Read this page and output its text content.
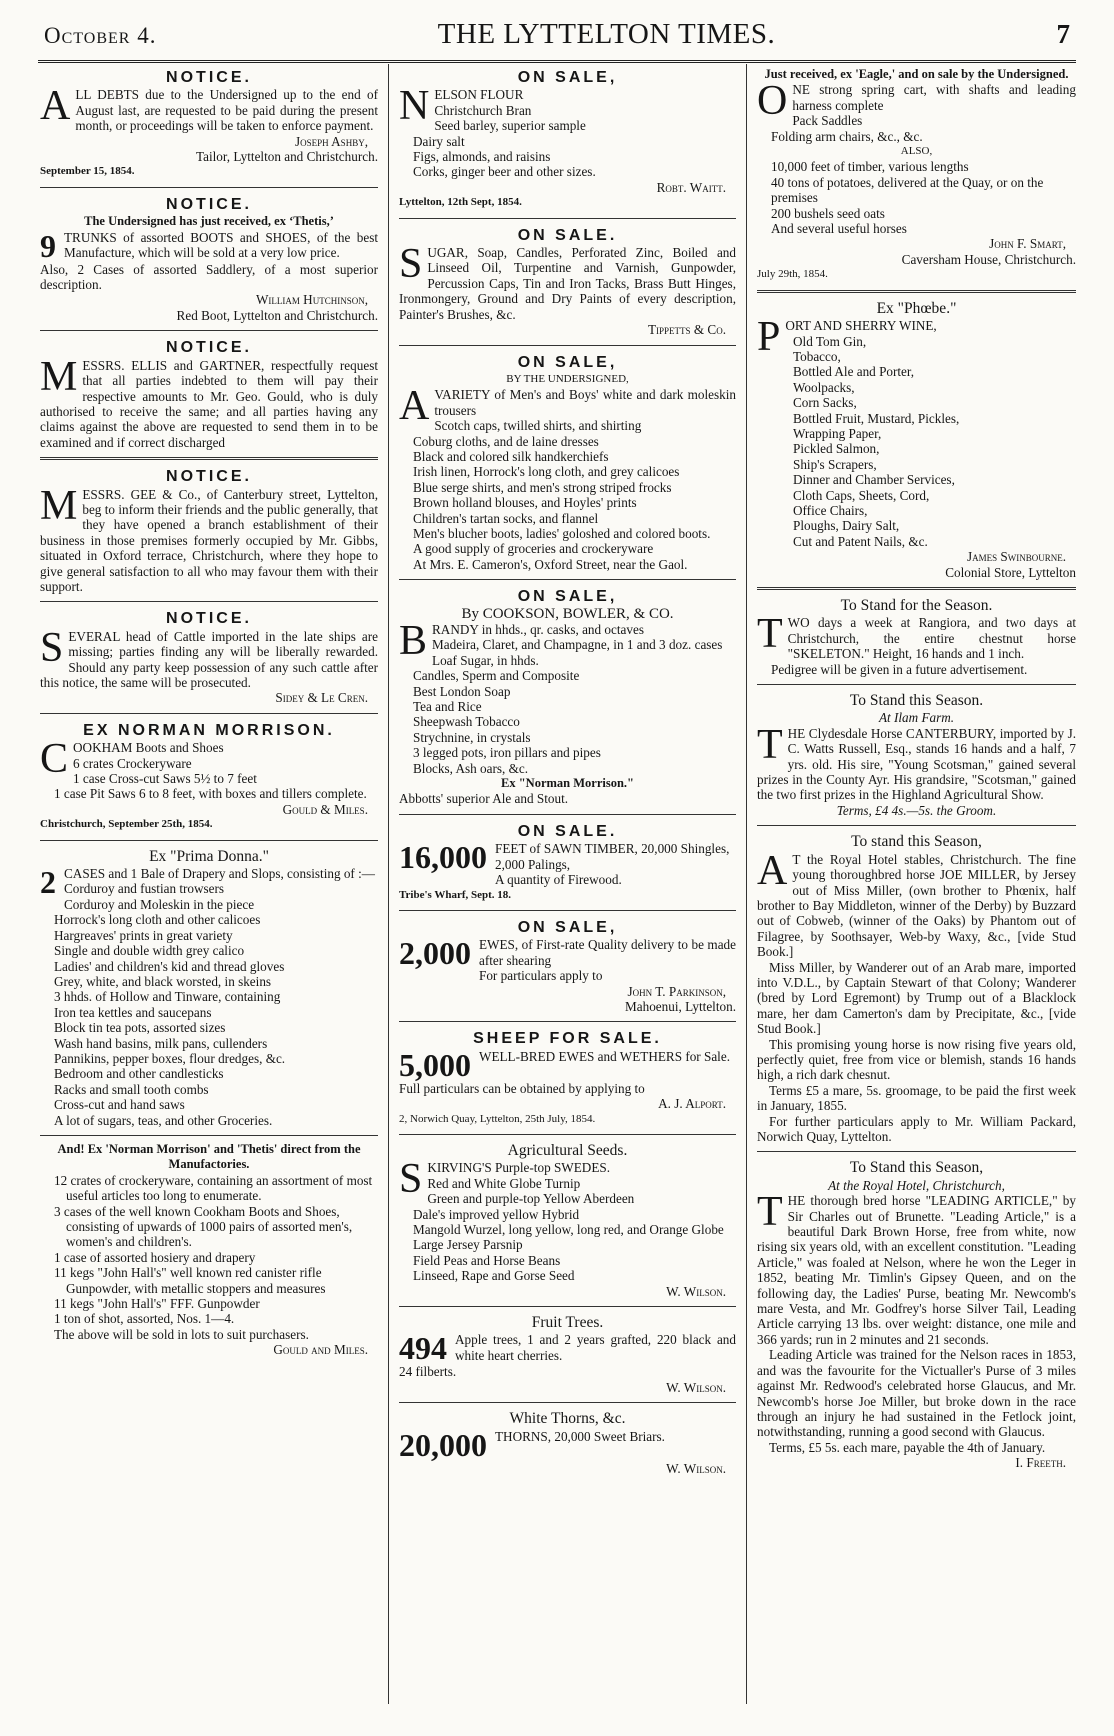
October 4.	THE LYTTELTON TIMES.	7
NOTICE.
ALL DEBTS due to the Undersigned up to the end of August last, are requested to be paid during the present month, or proceedings will be taken to enforce payment.
Joseph Ashby,
Tailor, Lyttelton and Christchurch.
September 15, 1854.
NOTICE.
The Undersigned has just received, ex ‘Thetis,’
9 TRUNKS of assorted BOOTS and SHOES, of the best Manufacture, which will be sold at a very low price.
Also, 2 Cases of assorted Saddlery, of a most superior description.
William Hutchinson,
Red Boot, Lyttelton and Christchurch.
NOTICE.
MESSRS. ELLIS and GARTNER, respectfully request that all parties indebted to them will pay their respective amounts to Mr. Geo. Gould, who is duly authorised to receive the same; and all parties having any claims against the above are requested to send them in to be examined and if correct discharged
NOTICE.
MESSRS. GEE & Co., of Canterbury street, Lyttelton, beg to inform their friends and the public generally, that they have opened a branch establishment of their business in those premises formerly occupied by Mr. Gibbs, situated in Oxford terrace, Christchurch, where they hope to give general satisfaction to all who may favour them with their support.
NOTICE.
SEVERAL head of Cattle imported in the late ships are missing; parties finding any will be liberally rewarded. Should any party keep possession of any such cattle after this notice, the same will be prosecuted.
Sidey & Le Cren.
EX NORMAN MORRISON.
COOKHAM Boots and Shoes
6 crates Crockeryware
1 case Cross-cut Saws 5½ to 7 feet
1 case Pit Saws 6 to 8 feet, with boxes and tillers complete.
Gould & Miles.
Christchurch, September 25th, 1854.
Ex "Prima Donna."
2 CASES and 1 Bale of Drapery and Slops, consisting of :—
Corduroy and fustian trowsers
Corduroy and Moleskin in the piece
Horrock's long cloth and other calicoes
Hargreaves' prints in great variety
Single and double width grey calico
Ladies' and children's kid and thread gloves
Grey, white, and black worsted, in skeins
3 hhds. of Hollow and Tinware, containing
Iron tea kettles and saucepans
Block tin tea pots, assorted sizes
Wash hand basins, milk pans, cullenders
Pannikins, pepper boxes, flour dredges, &c.
Bedroom and other candlesticks
Racks and small tooth combs
Cross-cut and hand saws
A lot of sugars, teas, and other Groceries.
And! Ex 'Norman Morrison' and 'Thetis' direct from the Manufactories.
12 crates of crockeryware, containing an assortment of most useful articles too long to enumerate.
3 cases of the well known Cookham Boots and Shoes, consisting of upwards of 1000 pairs of assorted men's, women's and children's.
1 case of assorted hosiery and drapery
11 kegs "John Hall's" well known red canister rifle Gunpowder, with metallic stoppers and measures
11 kegs "John Hall's" FFF. Gunpowder
1 ton of shot, assorted, Nos. 1—4.
The above will be sold in lots to suit purchasers.
Gould and Miles.
ON SALE,
NELSON FLOUR
Christchurch Bran
Seed barley, superior sample
Dairy salt
Figs, almonds, and raisins
Corks, ginger beer and other sizes.
Robt. Waitt.
Lyttelton, 12th Sept, 1854.
ON SALE.
SUGAR, Soap, Candles, Perforated Zinc, Boiled and Linseed Oil, Turpentine and Varnish, Gunpowder, Percussion Caps, Tin and Iron Tacks, Brass Butt Hinges, Ironmongery, Ground and Dry Paints of every description, Painter's Brushes, &c.
Tippetts & Co.
ON SALE,
BY THE UNDERSIGNED,
AVARIETY of Men's and Boys' white and dark moleskin trousers
Scotch caps, twilled shirts, and shirting
Coburg cloths, and de laine dresses
Black and colored silk handkerchiefs
Irish linen, Horrock's long cloth, and grey calicoes
Blue serge shirts, and men's strong striped frocks
Brown holland blouses, and Hoyles' prints
Children's tartan socks, and flannel
Men's blucher boots, ladies' goloshed and colored boots.
A good supply of groceries and crockeryware
At Mrs. E. Cameron's, Oxford Street, near the Gaol.
ON SALE,
By COOKSON, BOWLER, & CO.
BRANDY in hhds., qr. casks, and octaves
Madeira, Claret, and Champagne, in 1 and 3 doz. cases
Loaf Sugar, in hhds.
Candles, Sperm and Composite
Best London Soap
Tea and Rice
Sheepwash Tobacco
Strychnine, in crystals
3 legged pots, iron pillars and pipes
Blocks, Ash oars, &c.
Ex "Norman Morrison."
Abbotts' superior Ale and Stout.
ON SALE.
16,000 FEET of SAWN TIMBER, 20,000 Shingles,
2,000 Palings,
A quantity of Firewood.
Tribe's Wharf, Sept. 18.
ON SALE,
2,000 EWES, of First-rate Quality delivery to be made after shearing
For particulars apply to
John T. Parkinson,
Mahoenui, Lyttelton.
SHEEP FOR SALE.
5,000 WELL-BRED EWES and WETHERS for Sale.
Full particulars can be obtained by applying to
A. J. Alport.
2, Norwich Quay, Lyttelton, 25th July, 1854.
Agricultural Seeds.
SKIRVING'S Purple-top SWEDES.
Red and White Globe Turnip
Green and purple-top Yellow Aberdeen
Dale's improved yellow Hybrid
Mangold Wurzel, long yellow, long red, and Orange Globe
Large Jersey Parsnip
Field Peas and Horse Beans
Linseed, Rape and Gorse Seed
W. Wilson.
Fruit Trees.
494 Apple trees, 1 and 2 years grafted, 220 black and white heart cherries.
24 filberts.
W. Wilson.
White Thorns, &c.
20,000 THORNS, 20,000 Sweet Briars.
W. Wilson.
Just received, ex 'Eagle,' and on sale by the Undersigned.
ONE strong spring cart, with shafts and leading harness complete
Pack Saddles
Folding arm chairs, &c., &c.
ALSO,
10,000 feet of timber, various lengths
40 tons of potatoes, delivered at the Quay, or on the premises
200 bushels seed oats
And several useful horses
John F. Smart,
Caversham House, Christchurch.
July 29th, 1854.
Ex "Phœbe."
PORT AND SHERRY WINE,
Old Tom Gin,
Tobacco,
Bottled Ale and Porter,
Woolpacks,
Corn Sacks,
Bottled Fruit, Mustard, Pickles,
Wrapping Paper,
Pickled Salmon,
Ship's Scrapers,
Dinner and Chamber Services,
Cloth Caps, Sheets, Cord,
Office Chairs,
Ploughs, Dairy Salt,
Cut and Patent Nails, &c.
James Swinbourne.
Colonial Store, Lyttelton
To Stand for the Season.
TWO days a week at Rangiora, and two days at Christchurch, the entire chestnut horse "SKELETON." Height, 16 hands and 1 inch.
Pedigree will be given in a future advertisement.
To Stand this Season.
At Ilam Farm.
THE Clydesdale Horse CANTERBURY, imported by J. C. Watts Russell, Esq., stands 16 hands and a half, 7 yrs. old. His sire, "Young Scotsman," gained several prizes in the County Ayr. His grandsire, "Scotsman," gained the two first prizes in the Highland Agricultural Show.
Terms, £4 4s.—5s. the Groom.
To stand this Season,
A T the Royal Hotel stables, Christchurch. The fine young thoroughbred horse JOE MILLER, by Jersey out of Miss Miller, (own brother to Phœnix, half brother to Bay Middleton, winner of the Derby) by Buzzard out of Cobweb, (winner of the Oaks) by Phantom out of Filagree, by Soothsayer, Web-by Waxy, &c., [vide Stud Book.]
Miss Miller, by Wanderer out of an Arab mare, imported into V.D.L., by Captain Stewart of that Colony; Wanderer (bred by Lord Egremont) by Trump out of a Blacklock mare, her dam Camerton's dam by Precipitate, &c., [vide Stud Book.]
This promising young horse is now rising five years old, perfectly quiet, free from vice or blemish, stands 16 hands high, a rich dark chesnut.
Terms £5 a mare, 5s. groomage, to be paid the first week in January, 1855.
For further particulars apply to Mr. William Packard, Norwich Quay, Lyttelton.
To Stand this Season,
At the Royal Hotel, Christchurch,
THE thorough bred horse "LEADING ARTICLE," by Sir Charles out of Brunette. "Leading Article," is a beautiful Dark Brown Horse, free from white, now rising six years old, with an excellent constitution. "Leading Article," was foaled at Nelson, where he won the Leger in 1852, beating Mr. Timlin's Gipsey Queen, and on the following day, the Ladies' Purse, beating Mr. Newcomb's mare Vesta, and Mr. Godfrey's horse Silver Tail, Leading Article carrying 13 lbs. over weight: distance, one mile and 366 yards; run in 2 minutes and 21 seconds.
Leading Article was trained for the Nelson races in 1853, and was the favourite for the Victualler's Purse of 3 miles against Mr. Redwood's celebrated horse Glaucus, and Mr. Newcomb's horse Joe Miller, but broke down in the race through an injury he had sustained in the Fetlock joint, notwithstanding, running a good second with Glaucus.
Terms, £5 5s. each mare, payable the 4th of January.
I. Freeth.
